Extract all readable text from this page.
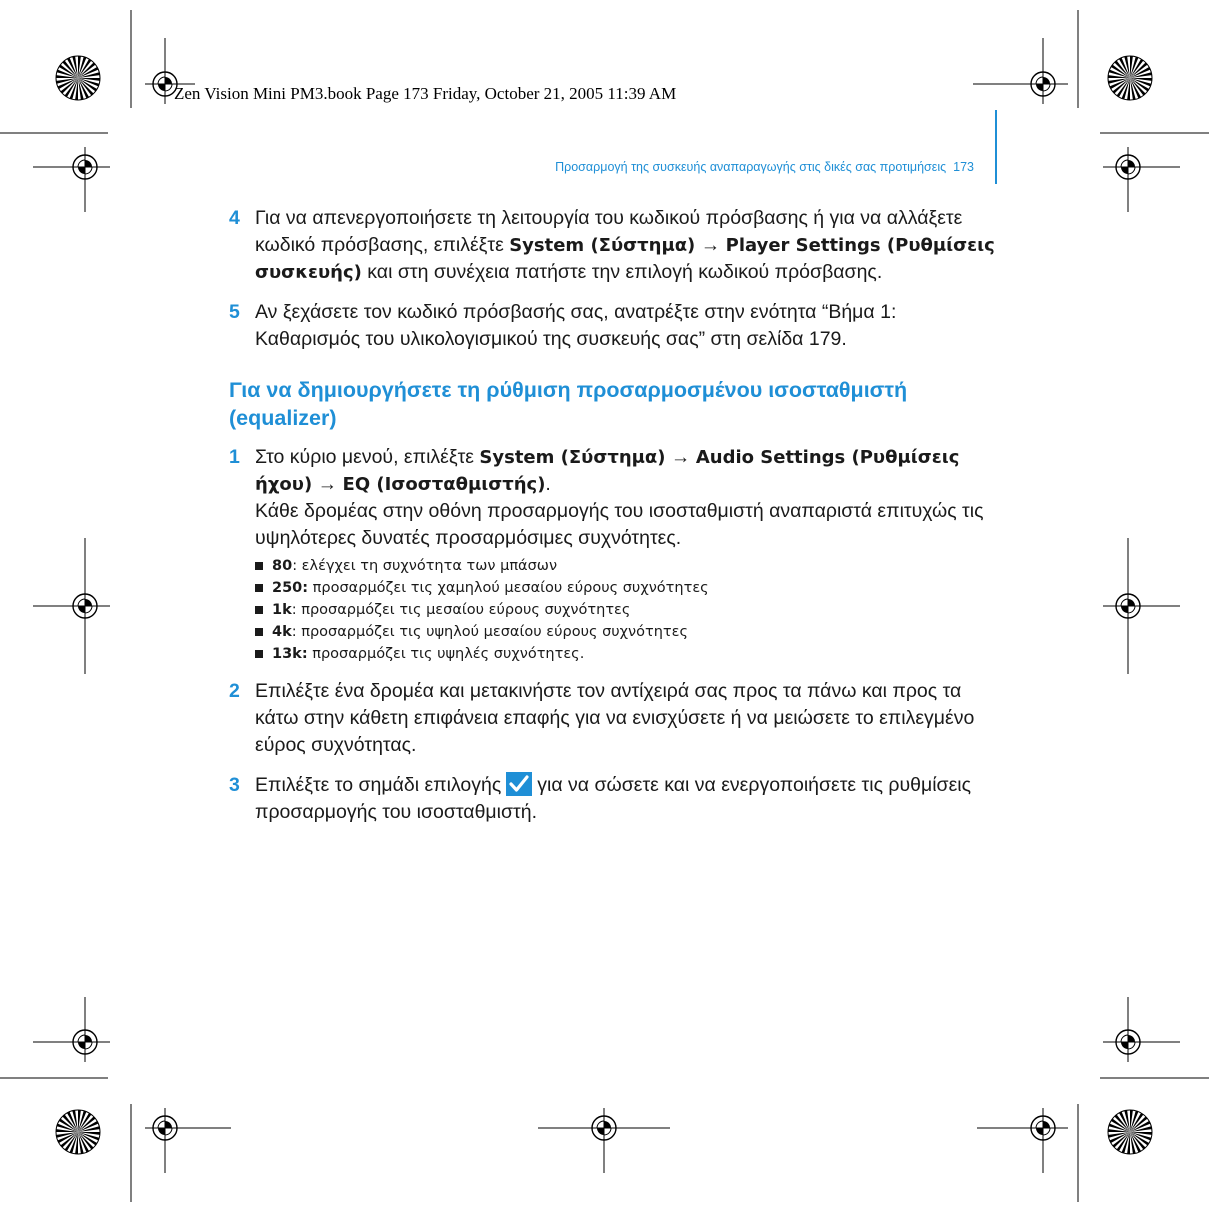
Zen Vision Mini PM3.book Page 173 Friday, October 21, 2005 11:39 AM
Προσαρμογή της συσκευής αναπαραγωγής στις δικές σας προτιμήσεις 173
4 Για να απενεργοποιήσετε τη λειτουργία του κωδικού πρόσβασης ή για να αλλάξετε κωδικό πρόσβασης, επιλέξτε System (Σύστημα) → Player Settings (Ρυθμίσεις συσκευής) και στη συνέχεια πατήστε την επιλογή κωδικού πρόσβασης.
5 Αν ξεχάσετε τον κωδικό πρόσβασής σας, ανατρέξτε στην ενότητα “Βήμα 1: Καθαρισμός του υλικολογισμικού της συσκευής σας” στη σελίδα 179.
Για να δημιουργήσετε τη ρύθμιση προσαρμοσμένου ισοσταθμιστή (equalizer)
1 Στο κύριο μενού, επιλέξτε System (Σύστημα) → Audio Settings (Ρυθμίσεις ήχου) → EQ (Ισοσταθμιστής).
Κάθε δρομέας στην οθόνη προσαρμογής του ισοσταθμιστή αναπαριστά επιτυχώς τις υψηλότερες δυνατές προσαρμόσιμες συχνότητες.
80: ελέγχει τη συχνότητα των μπάσων
250: προσαρμόζει τις χαμηλού μεσαίου εύρους συχνότητες
1k: προσαρμόζει τις μεσαίου εύρους συχνότητες
4k: προσαρμόζει τις υψηλού μεσαίου εύρους συχνότητες
13k: προσαρμόζει τις υψηλές συχνότητες.
2 Επιλέξτε ένα δρομέα και μετακινήστε τον αντίχειρά σας προς τα πάνω και προς τα κάτω στην κάθετη επιφάνεια επαφής για να ενισχύσετε ή να μειώσετε το επιλεγμένο εύρος συχνότητας.
3 Επιλέξτε το σημάδι επιλογής για να σώσετε και να ενεργοποιήσετε τις ρυθμίσεις προσαρμογής του ισοσταθμιστή.
